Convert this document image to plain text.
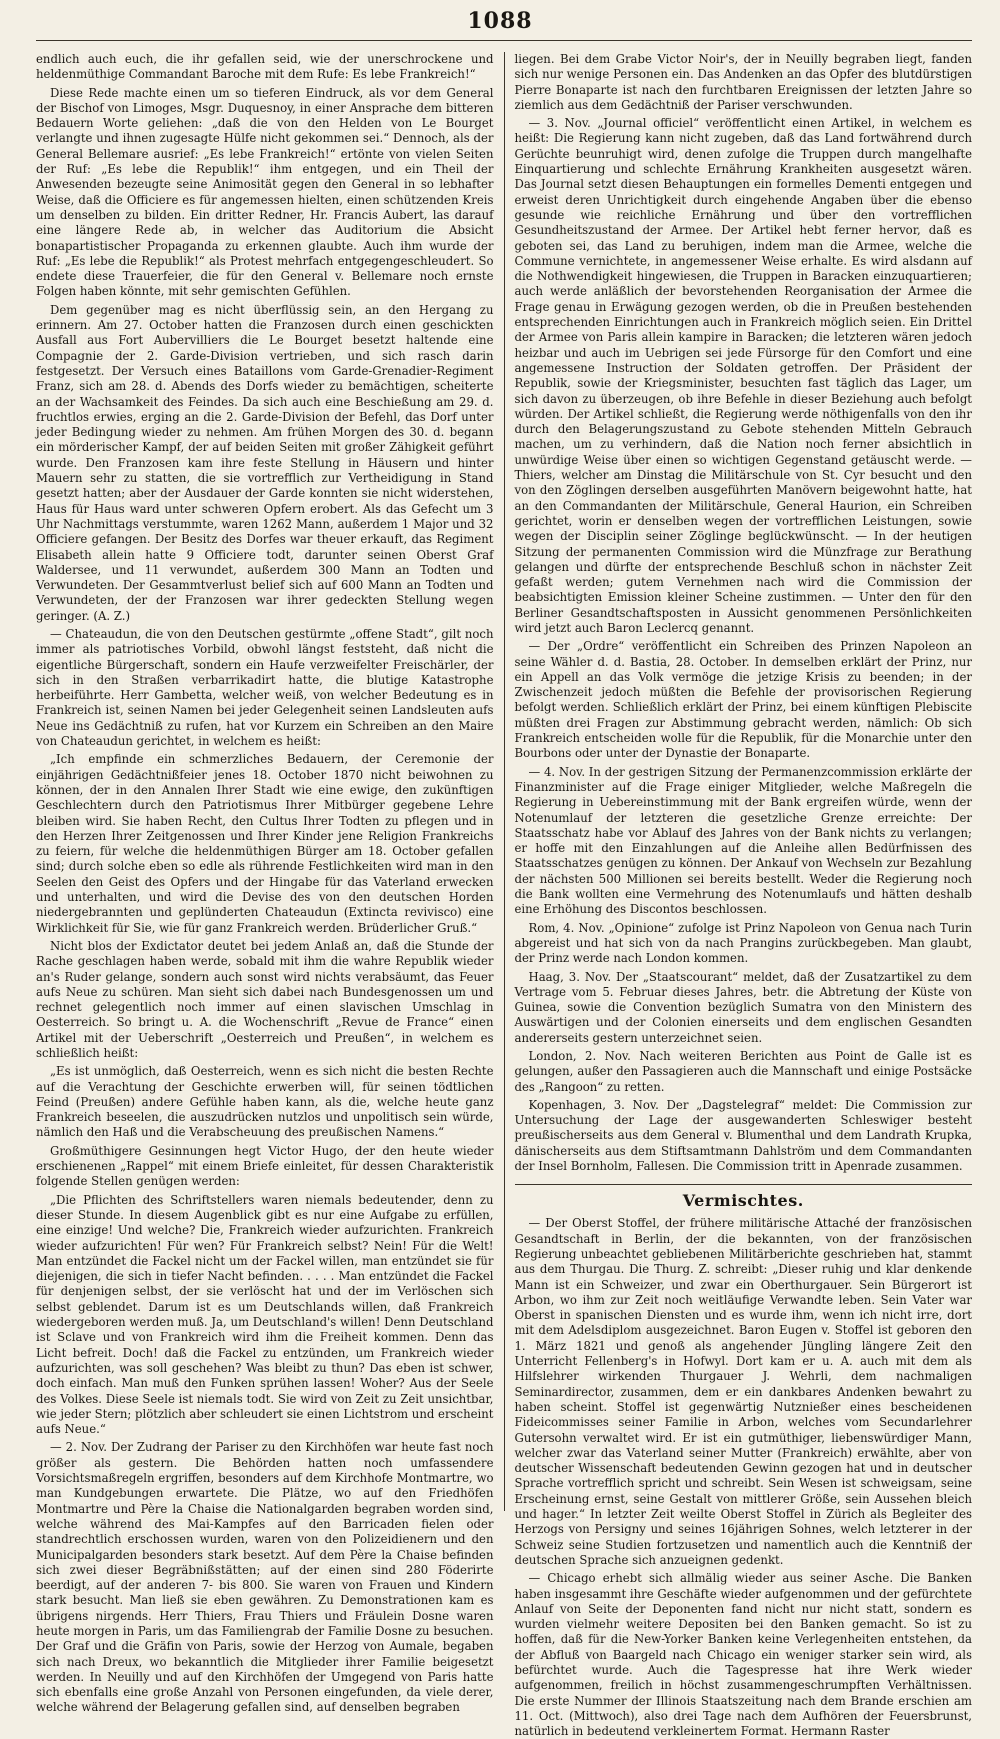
1088

endlich auch euch, die ihr gefallen seid, wie der unerschrockene und heldenmüthige Commandant Baroche mit dem Rufe: Es lebe Frankreich!“

Diese Rede machte einen um so tieferen Eindruck, als vor dem General der Bischof von Limoges, Msgr. Duquesnoy, in einer Ansprache dem bitteren Bedauern Worte geliehen: „daß die von den Helden von Le Bourget verlangte und ihnen zugesagte Hülfe nicht gekommen sei.“ Dennoch, als der General Bellemare ausrief: „Es lebe Frankreich!“ ertönte von vielen Seiten der Ruf: „Es lebe die Republik!“ ihm entgegen, und ein Theil der Anwesenden bezeugte seine Animosität gegen den General in so lebhafter Weise, daß die Officiere es für angemessen hielten, einen schützenden Kreis um denselben zu bilden. Ein dritter Redner, Hr. Francis Aubert, las darauf eine längere Rede ab, in welcher das Auditorium die Absicht bonapartistischer Propaganda zu erkennen glaubte. Auch ihm wurde der Ruf: „Es lebe die Republik!“ als Protest mehrfach entgegengeschleudert. So endete diese Trauerfeier, die für den General v. Bellemare noch ernste Folgen haben könnte, mit sehr gemischten Gefühlen.

Dem gegenüber mag es nicht überflüssig sein, an den Hergang zu erinnern. Am 27. October hatten die Franzosen durch einen geschickten Ausfall aus Fort Aubervilliers die Le Bourget besetzt haltende eine Compagnie der 2. Garde-Division vertrieben, und sich rasch darin festgesetzt. Der Versuch eines Bataillons vom Garde-Grenadier-Regiment Franz, sich am 28. d. Abends des Dorfs wieder zu bemächtigen, scheiterte an der Wachsamkeit des Feindes. Da sich auch eine Beschießung am 29. d. fruchtlos erwies, erging an die 2. Garde-Division der Befehl, das Dorf unter jeder Bedingung wieder zu nehmen. Am frühen Morgen des 30. d. begann ein mörderischer Kampf, der auf beiden Seiten mit großer Zähigkeit geführt wurde. Den Franzosen kam ihre feste Stellung in Häusern und hinter Mauern sehr zu statten, die sie vortrefflich zur Vertheidigung in Stand gesetzt hatten; aber der Ausdauer der Garde konnten sie nicht widerstehen, Haus für Haus ward unter schweren Opfern erobert. Als das Gefecht um 3 Uhr Nachmittags verstummte, waren 1262 Mann, außerdem 1 Major und 32 Officiere gefangen. Der Besitz des Dorfes war theuer erkauft, das Regiment Elisabeth allein hatte 9 Officiere todt, darunter seinen Oberst Graf Waldersee, und 11 verwundet, außerdem 300 Mann an Todten und Verwundeten. Der Gesammtverlust belief sich auf 600 Mann an Todten und Verwundeten, der der Franzosen war ihrer gedeckten Stellung wegen geringer. (A. Z.)

— Chateaudun, die von den Deutschen gestürmte „offene Stadt“, gilt noch immer als patriotisches Vorbild, obwohl längst feststeht, daß nicht die eigentliche Bürgerschaft, sondern ein Haufe verzweifelter Freischärler, der sich in den Straßen verbarrikadirt hatte, die blutige Katastrophe herbeiführte. Herr Gambetta, welcher weiß, von welcher Bedeutung es in Frankreich ist, seinen Namen bei jeder Gelegenheit seinen Landsleuten aufs Neue ins Gedächtniß zu rufen, hat vor Kurzem ein Schreiben an den Maire von Chateaudun gerichtet, in welchem es heißt:

„Ich empfinde ein schmerzliches Bedauern, der Ceremonie der einjährigen Gedächtnißfeier jenes 18. October 1870 nicht beiwohnen zu können, der in den Annalen Ihrer Stadt wie eine ewige, den zukünftigen Geschlechtern durch den Patriotismus Ihrer Mitbürger gegebene Lehre bleiben wird. Sie haben Recht, den Cultus Ihrer Todten zu pflegen und in den Herzen Ihrer Zeitgenossen und Ihrer Kinder jene Religion Frankreichs zu feiern, für welche die heldenmüthigen Bürger am 18. October gefallen sind; durch solche eben so edle als rührende Festlichkeiten wird man in den Seelen den Geist des Opfers und der Hingabe für das Vaterland erwecken und unterhalten, und wird die Devise des von den deutschen Horden niedergebrannten und geplünderten Chateaudun (Extincta revivisco) eine Wirklichkeit für Sie, wie für ganz Frankreich werden. Brüderlicher Gruß.“

Nicht blos der Exdictator deutet bei jedem Anlaß an, daß die Stunde der Rache geschlagen haben werde, sobald mit ihm die wahre Republik wieder an's Ruder gelange, sondern auch sonst wird nichts verabsäumt, das Feuer aufs Neue zu schüren. Man sieht sich dabei nach Bundesgenossen um und rechnet gelegentlich noch immer auf einen slavischen Umschlag in Oesterreich. So bringt u. A. die Wochenschrift „Revue de France“ einen Artikel mit der Ueberschrift „Oesterreich und Preußen“, in welchem es schließlich heißt:

„Es ist unmöglich, daß Oesterreich, wenn es sich nicht die besten Rechte auf die Verachtung der Geschichte erwerben will, für seinen tödtlichen Feind (Preußen) andere Gefühle haben kann, als die, welche heute ganz Frankreich beseelen, die auszudrücken nutzlos und unpolitisch sein würde, nämlich den Haß und die Verabscheuung des preußischen Namens.“

Großmüthigere Gesinnungen hegt Victor Hugo, der den heute wieder erschienenen „Rappel“ mit einem Briefe einleitet, für dessen Charakteristik folgende Stellen genügen werden:

„Die Pflichten des Schriftstellers waren niemals bedeutender, denn zu dieser Stunde. In diesem Augenblick gibt es nur eine Aufgabe zu erfüllen, eine einzige! Und welche? Die, Frankreich wieder aufzurichten. Frankreich wieder aufzurichten! Für wen? Für Frankreich selbst? Nein! Für die Welt! Man entzündet die Fackel nicht um der Fackel willen, man entzündet sie für diejenigen, die sich in tiefer Nacht befinden. . . . . Man entzündet die Fackel für denjenigen selbst, der sie verlöscht hat und der im Verlöschen sich selbst geblendet. Darum ist es um Deutschlands willen, daß Frankreich wiedergeboren werden muß. Ja, um Deutschland's willen! Denn Deutschland ist Sclave und von Frankreich wird ihm die Freiheit kommen. Denn das Licht befreit. Doch! daß die Fackel zu entzünden, um Frankreich wieder aufzurichten, was soll geschehen? Was bleibt zu thun? Das eben ist schwer, doch einfach. Man muß den Funken sprühen lassen! Woher? Aus der Seele des Volkes. Diese Seele ist niemals todt. Sie wird von Zeit zu Zeit unsichtbar, wie jeder Stern; plötzlich aber schleudert sie einen Lichtstrom und erscheint aufs Neue.“

— 2. Nov. Der Zudrang der Pariser zu den Kirchhöfen war heute fast noch größer als gestern. Die Behörden hatten noch umfassendere Vorsichtsmaßregeln ergriffen, besonders auf dem Kirchhofe Montmartre, wo man Kundgebungen erwartete. Die Plätze, wo auf den Friedhöfen Montmartre und Père la Chaise die Nationalgarden begraben worden sind, welche während des Mai-Kampfes auf den Barricaden fielen oder standrechtlich erschossen wurden, waren von den Polizeidienern und den Municipalgarden besonders stark besetzt. Auf dem Père la Chaise befinden sich zwei dieser Begräbnißstätten; auf der einen sind 280 Föderirte beerdigt, auf der anderen 7- bis 800. Sie waren von Frauen und Kindern stark besucht. Man ließ sie eben gewähren. Zu Demonstrationen kam es übrigens nirgends. Herr Thiers, Frau Thiers und Fräulein Dosne waren heute morgen in Paris, um das Familiengrab der Familie Dosne zu besuchen. Der Graf und die Gräfin von Paris, sowie der Herzog von Aumale, begaben sich nach Dreux, wo bekanntlich die Mitglieder ihrer Familie beigesetzt werden. In Neuilly und auf den Kirchhöfen der Umgegend von Paris hatte sich ebenfalls eine große Anzahl von Personen eingefunden, da viele derer, welche während der Belagerung gefallen sind, auf denselben begraben

liegen. Bei dem Grabe Victor Noir's, der in Neuilly begraben liegt, fanden sich nur wenige Personen ein. Das Andenken an das Opfer des blutdürstigen Pierre Bonaparte ist nach den furchtbaren Ereignissen der letzten Jahre so ziemlich aus dem Gedächtniß der Pariser verschwunden.

— 3. Nov. „Journal officiel“ veröffentlicht einen Artikel, in welchem es heißt: Die Regierung kann nicht zugeben, daß das Land fortwährend durch Gerüchte beunruhigt wird, denen zufolge die Truppen durch mangelhafte Einquartierung und schlechte Ernährung Krankheiten ausgesetzt wären. Das Journal setzt diesen Behauptungen ein formelles Dementi entgegen und erweist deren Unrichtigkeit durch eingehende Angaben über die ebenso gesunde wie reichliche Ernährung und über den vortrefflichen Gesundheitszustand der Armee. Der Artikel hebt ferner hervor, daß es geboten sei, das Land zu beruhigen, indem man die Armee, welche die Commune vernichtete, in angemessener Weise erhalte. Es wird alsdann auf die Nothwendigkeit hingewiesen, die Truppen in Baracken einzuquartieren; auch werde anläßlich der bevorstehenden Reorganisation der Armee die Frage genau in Erwägung gezogen werden, ob die in Preußen bestehenden entsprechenden Einrichtungen auch in Frankreich möglich seien. Ein Drittel der Armee von Paris allein kampire in Baracken; die letzteren wären jedoch heizbar und auch im Uebrigen sei jede Fürsorge für den Comfort und eine angemessene Instruction der Soldaten getroffen. Der Präsident der Republik, sowie der Kriegsminister, besuchten fast täglich das Lager, um sich davon zu überzeugen, ob ihre Befehle in dieser Beziehung auch befolgt würden. Der Artikel schließt, die Regierung werde nöthigenfalls von den ihr durch den Belagerungszustand zu Gebote stehenden Mitteln Gebrauch machen, um zu verhindern, daß die Nation noch ferner absichtlich in unwürdige Weise über einen so wichtigen Gegenstand getäuscht werde. — Thiers, welcher am Dinstag die Militärschule von St. Cyr besucht und den von den Zöglingen derselben ausgeführten Manövern beigewohnt hatte, hat an den Commandanten der Militärschule, General Haurion, ein Schreiben gerichtet, worin er denselben wegen der vortrefflichen Leistungen, sowie wegen der Disciplin seiner Zöglinge beglückwünscht. — In der heutigen Sitzung der permanenten Commission wird die Münzfrage zur Berathung gelangen und dürfte der entsprechende Beschluß schon in nächster Zeit gefaßt werden; gutem Vernehmen nach wird die Commission der beabsichtigten Emission kleiner Scheine zustimmen. — Unter den für den Berliner Gesandtschaftsposten in Aussicht genommenen Persönlichkeiten wird jetzt auch Baron Leclercq genannt.

— Der „Ordre“ veröffentlicht ein Schreiben des Prinzen Napoleon an seine Wähler d. d. Bastia, 28. October. In demselben erklärt der Prinz, nur ein Appell an das Volk vermöge die jetzige Krisis zu beenden; in der Zwischenzeit jedoch müßten die Befehle der provisorischen Regierung befolgt werden. Schließlich erklärt der Prinz, bei einem künftigen Plebiscite müßten drei Fragen zur Abstimmung gebracht werden, nämlich: Ob sich Frankreich entscheiden wolle für die Republik, für die Monarchie unter den Bourbons oder unter der Dynastie der Bonaparte.

— 4. Nov. In der gestrigen Sitzung der Permanenzcommission erklärte der Finanzminister auf die Frage einiger Mitglieder, welche Maßregeln die Regierung in Uebereinstimmung mit der Bank ergreifen würde, wenn der Notenumlauf der letzteren die gesetzliche Grenze erreichte: Der Staatsschatz habe vor Ablauf des Jahres von der Bank nichts zu verlangen; er hoffe mit den Einzahlungen auf die Anleihe allen Bedürfnissen des Staatsschatzes genügen zu können. Der Ankauf von Wechseln zur Bezahlung der nächsten 500 Millionen sei bereits bestellt. Weder die Regierung noch die Bank wollten eine Vermehrung des Notenumlaufs und hätten deshalb eine Erhöhung des Discontos beschlossen.

Rom, 4. Nov. „Opinione“ zufolge ist Prinz Napoleon von Genua nach Turin abgereist und hat sich von da nach Prangins zurückbegeben. Man glaubt, der Prinz werde nach London kommen.

Haag, 3. Nov. Der „Staatscourant“ meldet, daß der Zusatzartikel zu dem Vertrage vom 5. Februar dieses Jahres, betr. die Abtretung der Küste von Guinea, sowie die Convention bezüglich Sumatra von den Ministern des Auswärtigen und der Colonien einerseits und dem englischen Gesandten andererseits gestern unterzeichnet seien.

London, 2. Nov. Nach weiteren Berichten aus Point de Galle ist es gelungen, außer den Passagieren auch die Mannschaft und einige Postsäcke des „Rangoon“ zu retten.

Kopenhagen, 3. Nov. Der „Dagstelegraf“ meldet: Die Commission zur Untersuchung der Lage der ausgewanderten Schleswiger besteht preußischerseits aus dem General v. Blumenthal und dem Landrath Krupka, dänischerseits aus dem Stiftsamtmann Dahlström und dem Commandanten der Insel Bornholm, Fallesen. Die Commission tritt in Apenrade zusammen.

Vermischtes.

— Der Oberst Stoffel, der frühere militärische Attaché der französischen Gesandtschaft in Berlin, der die bekannten, von der französischen Regierung unbeachtet gebliebenen Militärberichte geschrieben hat, stammt aus dem Thurgau. Die Thurg. Z. schreibt: „Dieser ruhig und klar denkende Mann ist ein Schweizer, und zwar ein Oberthurgauer. Sein Bürgerort ist Arbon, wo ihm zur Zeit noch weitläufige Verwandte leben. Sein Vater war Oberst in spanischen Diensten und es wurde ihm, wenn ich nicht irre, dort mit dem Adelsdiplom ausgezeichnet. Baron Eugen v. Stoffel ist geboren den 1. März 1821 und genoß als angehender Jüngling längere Zeit den Unterricht Fellenberg's in Hofwyl. Dort kam er u. A. auch mit dem als Hilfslehrer wirkenden Thurgauer J. Wehrli, dem nachmaligen Seminardirector, zusammen, dem er ein dankbares Andenken bewahrt zu haben scheint. Stoffel ist gegenwärtig Nutznießer eines bescheidenen Fideicommisses seiner Familie in Arbon, welches vom Secundarlehrer Gutersohn verwaltet wird. Er ist ein gutmüthiger, liebenswürdiger Mann, welcher zwar das Vaterland seiner Mutter (Frankreich) erwählte, aber von deutscher Wissenschaft bedeutenden Gewinn gezogen hat und in deutscher Sprache vortrefflich spricht und schreibt. Sein Wesen ist schweigsam, seine Erscheinung ernst, seine Gestalt von mittlerer Größe, sein Aussehen bleich und hager.“ In letzter Zeit weilte Oberst Stoffel in Zürich als Begleiter des Herzogs von Persigny und seines 16jährigen Sohnes, welch letzterer in der Schweiz seine Studien fortzusetzen und namentlich auch die Kenntniß der deutschen Sprache sich anzueignen gedenkt.

— Chicago erhebt sich allmälig wieder aus seiner Asche. Die Banken haben insgesammt ihre Geschäfte wieder aufgenommen und der gefürchtete Anlauf von Seite der Deponenten fand nicht nur nicht statt, sondern es wurden vielmehr weitere Depositen bei den Banken gemacht. So ist zu hoffen, daß für die New-Yorker Banken keine Verlegenheiten entstehen, da der Abfluß von Baargeld nach Chicago ein weniger starker sein wird, als befürchtet wurde. Auch die Tagespresse hat ihre Werk wieder aufgenommen, freilich in höchst zusammengeschrumpften Verhältnissen. Die erste Nummer der Illinois Staatszeitung nach dem Brande erschien am 11. Oct. (Mittwoch), also drei Tage nach dem Aufhören der Feuersbrunst, natürlich in bedeutend verkleinertem Format. Hermann Raster
